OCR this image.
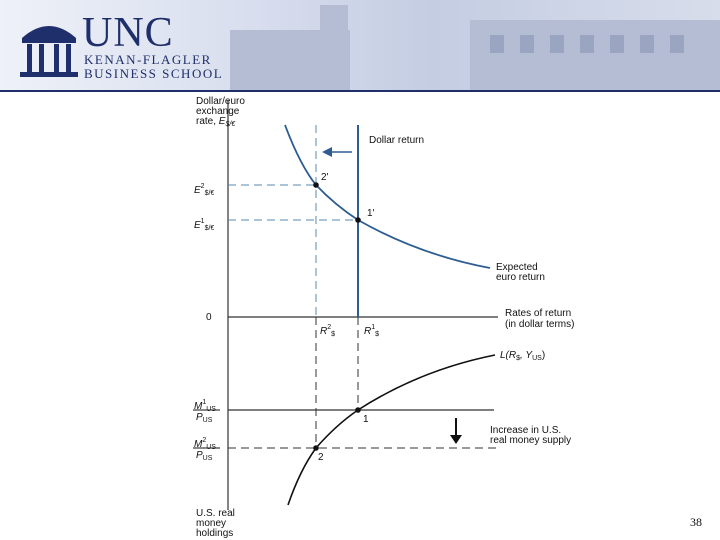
UNC
KENAN-FLAGLER
BUSINESS SCHOOL
Dollar/euro
exchange
rate, $E_{\$/€}$
0	Rates of return
(in dollar terms)
$E^2_{\$/€}$
$E^1_{\$/€}$
$R^2_{\$}$	$R^1_{\$}$
Dollar return
Expected
euro return
2'
1'
$M^1_{US}$
$P_{US}$
$M^2_{US}$
$P_{US}$
$L(R_{\$}$, $Y_{US}$)
Increase in U.S.
real money supply
1
2
U.S. real
money
holdings
38
